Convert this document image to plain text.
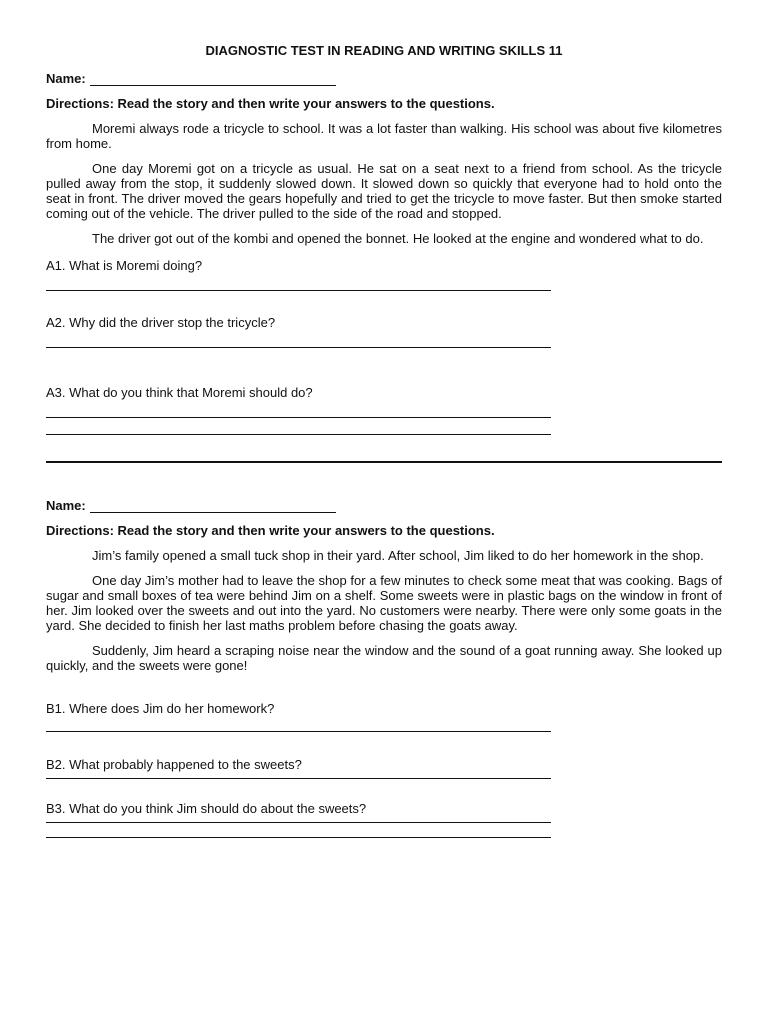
DIAGNOSTIC TEST IN READING AND WRITING SKILLS 11
Name:
Directions: Read the story and then write your answers to the questions.
Moremi always rode a tricycle to school. It was a lot faster than walking. His school was about five kilometres from home.
One day Moremi got on a tricycle as usual. He sat on a seat next to a friend from school. As the tricycle pulled away from the stop, it suddenly slowed down. It slowed down so quickly that everyone had to hold onto the seat in front. The driver moved the gears hopefully and tried to get the tricycle to move faster. But then smoke started coming out of the vehicle. The driver pulled to the side of the road and stopped.
The driver got out of the kombi and opened the bonnet. He looked at the engine and wondered what to do.
A1. What is Moremi doing?
A2. Why did the driver stop the tricycle?
A3. What do you think that Moremi should do?
Name:
Directions: Read the story and then write your answers to the questions.
Jim’s family opened a small tuck shop in their yard. After school, Jim liked to do her homework in the shop.
One day Jim’s mother had to leave the shop for a few minutes to check some meat that was cooking. Bags of sugar and small boxes of tea were behind Jim on a shelf. Some sweets were in plastic bags on the window in front of her. Jim looked over the sweets and out into the yard. No customers were nearby. There were only some goats in the yard. She decided to finish her last maths problem before chasing the goats away.
Suddenly, Jim heard a scraping noise near the window and the sound of a goat running away. She looked up quickly, and the sweets were gone!
B1. Where does Jim do her homework?
B2. What probably happened to the sweets?
B3. What do you think Jim should do about the sweets?
